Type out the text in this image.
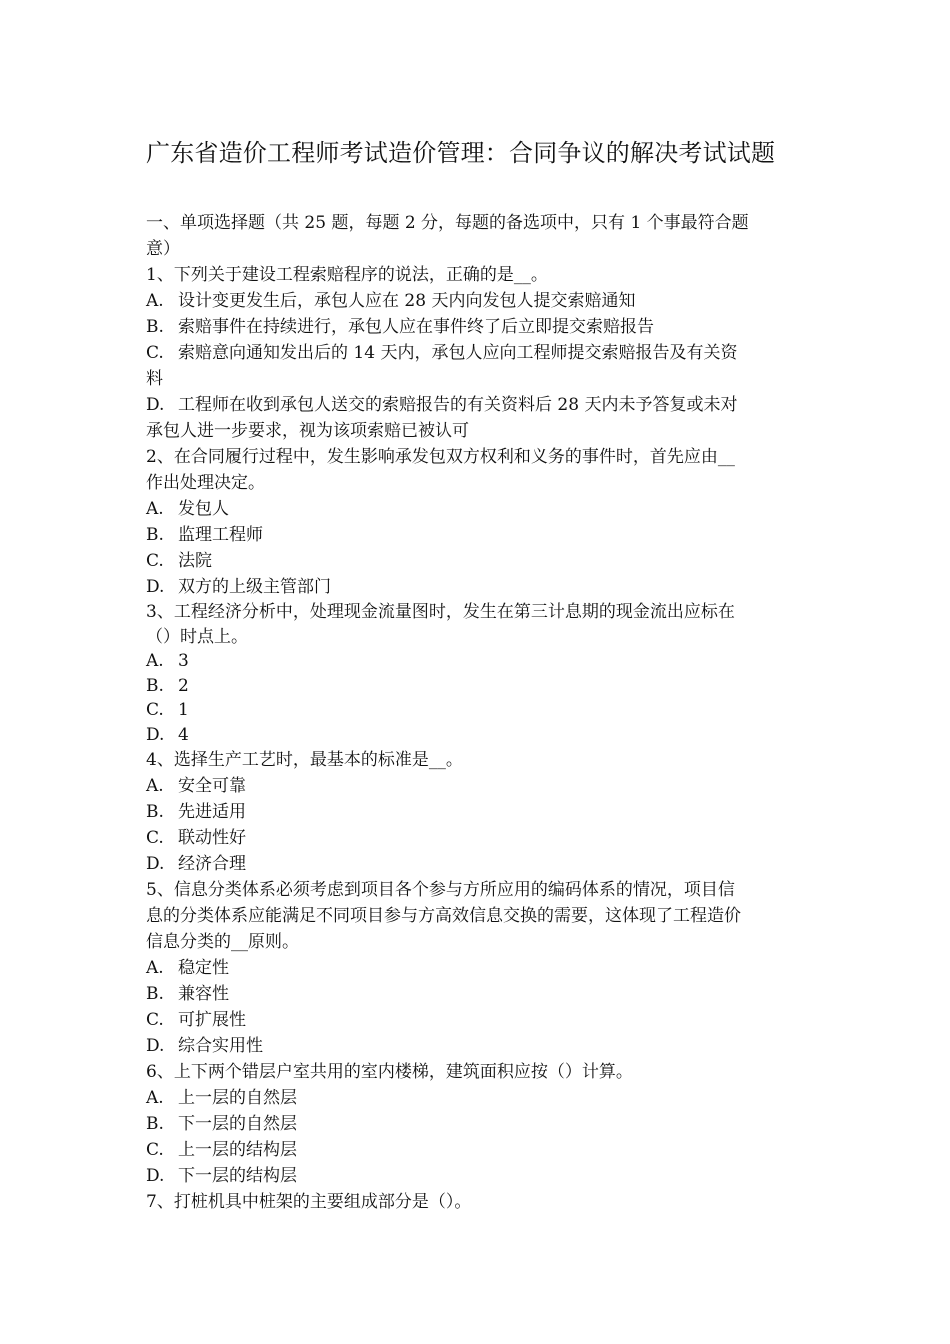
广东省造价工程师考试造价管理：合同争议的解决考试试题
一、单项选择题（共 25 题，每题 2 分，每题的备选项中，只有 1 个事最符合题
意）
1、下列关于建设工程索赔程序的说法，正确的是__。
A. 设计变更发生后，承包人应在 28 天内向发包人提交索赔通知
B. 索赔事件在持续进行，承包人应在事件终了后立即提交索赔报告
C. 索赔意向通知发出后的 14 天内，承包人应向工程师提交索赔报告及有关资
料
D. 工程师在收到承包人送交的索赔报告的有关资料后 28 天内未予答复或未对
承包人进一步要求，视为该项索赔已被认可
2、在合同履行过程中，发生影响承发包双方权利和义务的事件时，首先应由__
作出处理决定。
A. 发包人
B. 监理工程师
C. 法院
D. 双方的上级主管部门
3、工程经济分析中，处理现金流量图时，发生在第三计息期的现金流出应标在
（）时点上。
A. 3
B. 2
C. 1
D. 4
4、选择生产工艺时，最基本的标准是__。
A. 安全可靠
B. 先进适用
C. 联动性好
D. 经济合理
5、信息分类体系必须考虑到项目各个参与方所应用的编码体系的情况，项目信
息的分类体系应能满足不同项目参与方高效信息交换的需要，这体现了工程造价
信息分类的__原则。
A. 稳定性
B. 兼容性
C. 可扩展性
D. 综合实用性
6、上下两个错层户室共用的室内楼梯，建筑面积应按（）计算。
A. 上一层的自然层
B. 下一层的自然层
C. 上一层的结构层
D. 下一层的结构层
7、打桩机具中桩架的主要组成部分是（）。
